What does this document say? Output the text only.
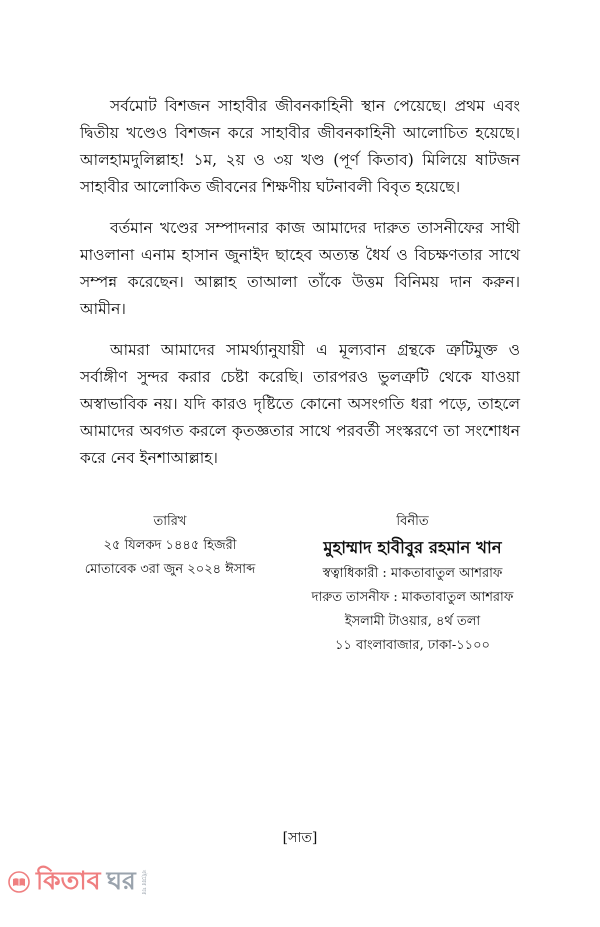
সর্বমোট বিশজন সাহাবীর জীবনকাহিনী স্থান পেয়েছে। প্রথম এবং দ্বিতীয় খণ্ডেও বিশজন করে সাহাবীর জীবনকাহিনী আলোচিত হয়েছে। আলহামদুলিল্লাহ! ১ম, ২য় ও ৩য় খণ্ড (পূর্ণ কিতাব) মিলিয়ে ষাটজন সাহাবীর আলোকিত জীবনের শিক্ষণীয় ঘটনাবলী বিবৃত হয়েছে।

বর্তমান খণ্ডের সম্পাদনার কাজ আমাদের দারুত তাসনীফের সাথী মাওলানা এনাম হাসান জুনাইদ ছাহেব অত্যন্ত ধৈর্য ও বিচক্ষণতার সাথে সম্পন্ন করেছেন। আল্লাহ তাআলা তাঁকে উত্তম বিনিময় দান করুন। আমীন।

আমরা আমাদের সামর্থ্যানুযায়ী এ মূল্যবান গ্রন্থকে ত্রুটিমুক্ত ও সর্বাঙ্গীণ সুন্দর করার চেষ্টা করেছি। তারপরও ভুলত্রুটি থেকে যাওয়া অস্বাভাবিক নয়। যদি কারও দৃষ্টিতে কোনো অসংগতি ধরা পড়ে, তাহলে আমাদের অবগত করলে কৃতজ্ঞতার সাথে পরবর্তী সংস্করণে তা সংশোধন করে নেব ইনশাআল্লাহ।

তারিখ
২৫ যিলকদ ১৪৪৫ হিজরী
মোতাবেক ৩রা জুন ২০২৪ ঈসাব্দ
বিনীত
মুহাম্মাদ হাবীবুর রহমান খান
স্বত্বাধিকারী : মাকতাবাতুল আশরাফ
দারুত তাসনীফ : মাকতাবাতুল আশরাফ
ইসলামী টাওয়ার, ৪র্থ তলা
১১ বাংলাবাজার, ঢাকা-১১০০
[সাত]
কিতাব ঘর বইয়ের ঘর
